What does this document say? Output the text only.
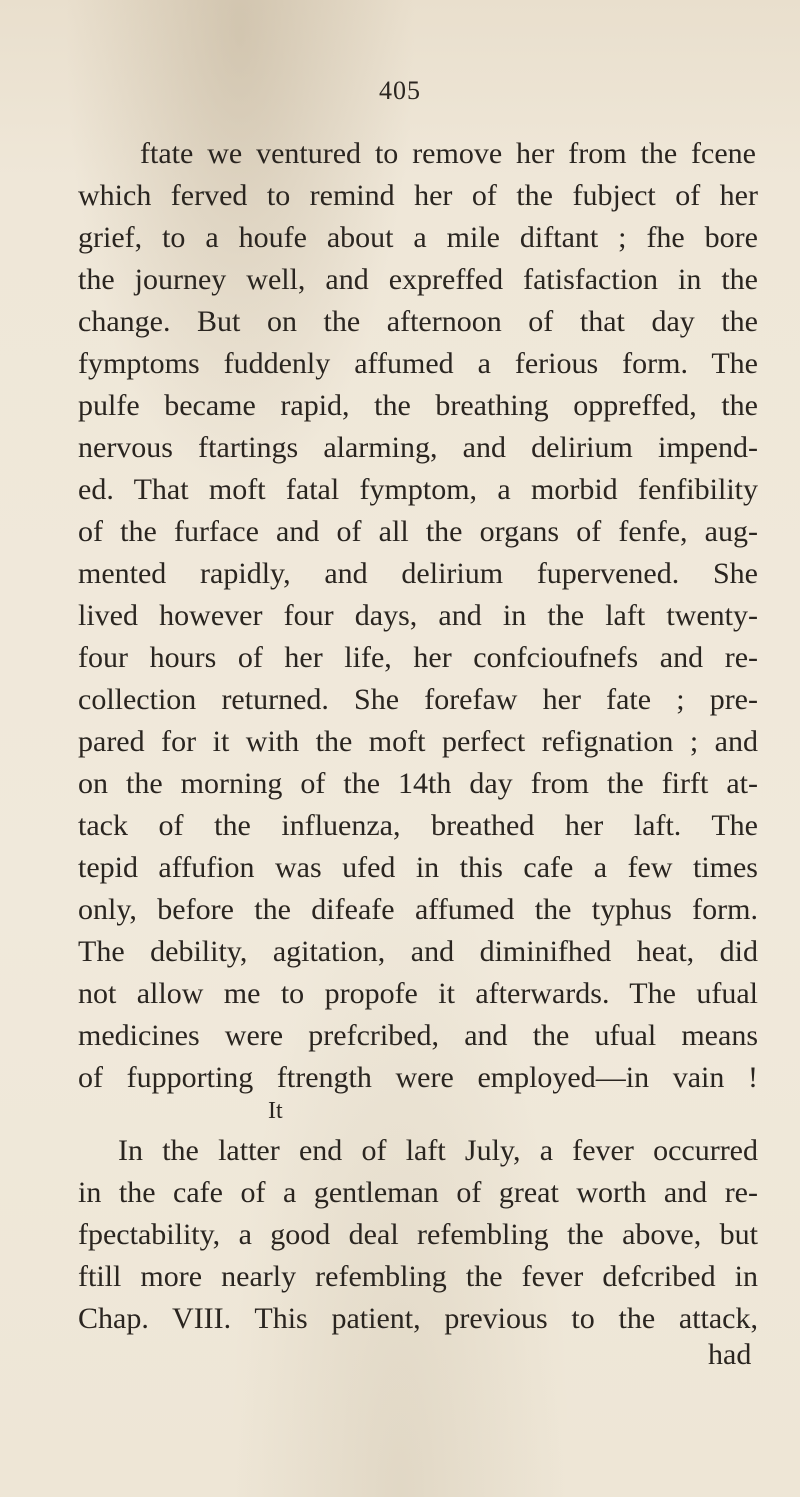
405
ftate we ventured to remove her from the fcene
which ferved to remind her of the fubject of her
grief, to a houfe about a mile diftant ; fhe bore
the journey well, and expreffed fatisfaction in the
change. But on the afternoon of that day the
fymptoms fuddenly affumed a ferious form. The
pulfe became rapid, the breathing oppreffed, the
nervous ftartings alarming, and delirium impend-
ed. That moft fatal fymptom, a morbid fenfibility
of the furface and of all the organs of fenfe, aug-
mented rapidly, and delirium fupervened. She
lived however four days, and in the laft twenty-
four hours of her life, her confcioufnefs and re-
collection returned. She forefaw her fate ; pre-
pared for it with the moft perfect refignation ; and
on the morning of the 14th day from the firft at-
tack of the influenza, breathed her laft. The
tepid affufion was ufed in this cafe a few times
only, before the difeafe affumed the typhus form.
The debility, agitation, and diminifhed heat, did
not allow me to propofe it afterwards. The ufual
medicines were prefcribed, and the ufual means
of fupporting ftrength were employed—in vain !
It
In the latter end of laft July, a fever occurred
in the cafe of a gentleman of great worth and re-
fpectability, a good deal refembling the above, but
ftill more nearly refembling the fever defcribed in
Chap. VIII. This patient, previous to the attack,
had
